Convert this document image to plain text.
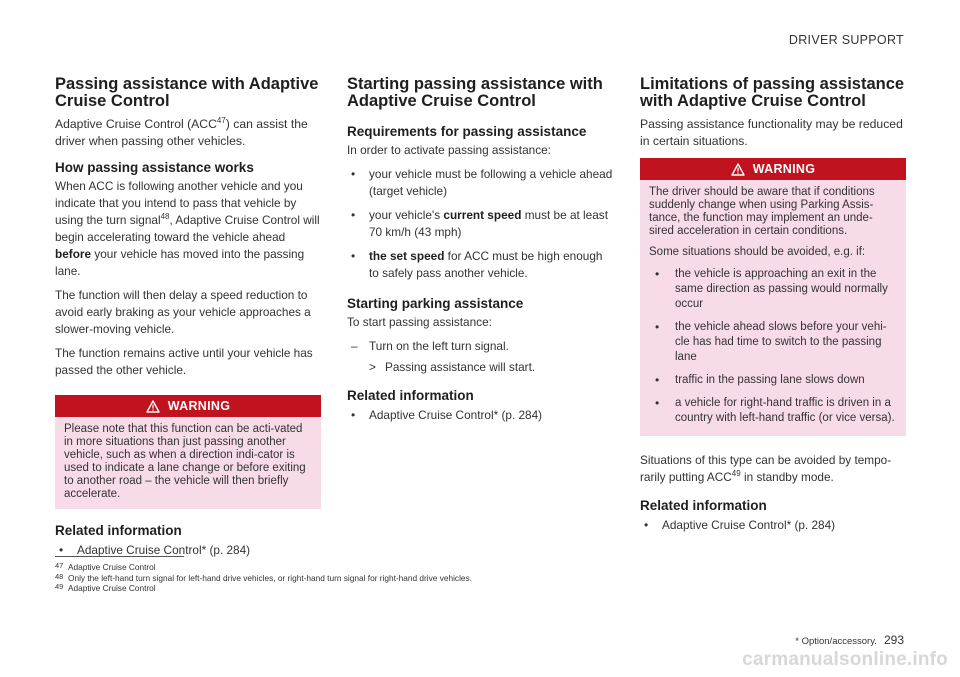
DRIVER SUPPORT
Passing assistance with Adaptive Cruise Control

Adaptive Cruise Control (ACC$^{47}$) can assist the driver when passing other vehicles.

How passing assistance works

When ACC is following another vehicle and you indicate that you intend to pass that vehicle by using the turn signal$^{48}$, Adaptive Cruise Control will begin accelerating toward the vehicle ahead before your vehicle has moved into the passing lane.

The function will then delay a speed reduction to avoid early braking as your vehicle approaches a slower-moving vehicle.

The function remains active until your vehicle has passed the other vehicle.

WARNING

Please note that this function can be acti-vated in more situations than just passing another vehicle, such as when a direction indi-cator is used to indicate a lane change or before exiting to another road – the vehicle will then briefly accelerate.

Related information
• Adaptive Cruise Control* (p. 284)
Starting passing assistance with Adaptive Cruise Control
Requirements for passing assistance

In order to activate passing assistance:

• your vehicle must be following a vehicle ahead (target vehicle)
• your vehicle's current speed must be at least 70 km/h (43 mph)
• the set speed for ACC must be high enough to safely pass another vehicle.
Starting parking assistance

To start passing assistance:

– Turn on the left turn signal.
> Passing assistance will start.
Related information
• Adaptive Cruise Control* (p. 284)
Limitations of passing assistance with Adaptive Cruise Control

Passing assistance functionality may be reduced in certain situations.

WARNING

The driver should be aware that if conditions suddenly change when using Parking Assis-tance, the function may implement an unde-sired acceleration in certain conditions.

Some situations should be avoided, e.g. if:

• the vehicle is approaching an exit in the same direction as passing would normally occur
• the vehicle ahead slows before your vehi-cle has had time to switch to the passing lane
• traffic in the passing lane slows down
• a vehicle for right-hand traffic is driven in a country with left-hand traffic (or vice versa).

Situations of this type can be avoided by tempo-rarily putting ACC$^{49}$ in standby mode.

Related information
• Adaptive Cruise Control* (p. 284)
47 Adaptive Cruise Control
48 Only the left-hand turn signal for left-hand drive vehicles, or right-hand turn signal for right-hand drive vehicles.
49 Adaptive Cruise Control
* Option/accessory. 293
carmanualsonline.info
